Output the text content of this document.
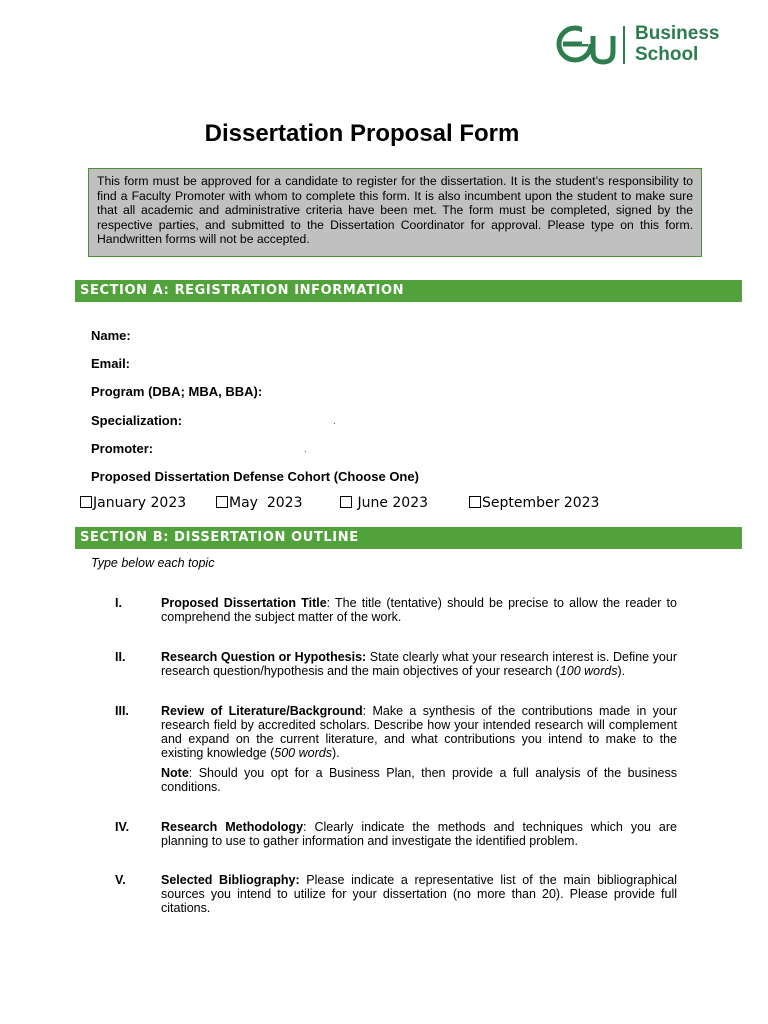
Business
School
Dissertation Proposal Form
This form must be approved for a candidate to register for the dissertation. It is the student’s responsibility to find a Faculty Promoter with whom to complete this form. It is also incumbent upon the student to make sure that all academic and administrative criteria have been met. The form must be completed, signed by the respective parties, and submitted to the Dissertation Coordinator for approval. Please type on this form. Handwritten forms will not be accepted.
SECTION A: REGISTRATION INFORMATION
Name:
Email:
Program (DBA; MBA, BBA):
Specialization:	.
Promoter:	.
Proposed Dissertation Defense Cohort (Choose One)
January 2023	May  2023	June 2023	September 2023
SECTION B: DISSERTATION OUTLINE
Type below each topic
I.	Proposed Dissertation Title: The title (tentative) should be precise to allow the reader to comprehend the subject matter of the work.
II.	Research Question or Hypothesis: State clearly what your research interest is. Define your research question/hypothesis and the main objectives of your research (100 words).
III.	Review of Literature/Background: Make a synthesis of the contributions made in your research field by accredited scholars. Describe how your intended research will complement and expand on the current literature, and what contributions you intend to make to the existing knowledge (500 words).
Note: Should you opt for a Business Plan, then provide a full analysis of the business conditions.
IV.	Research Methodology: Clearly indicate the methods and techniques which you are planning to use to gather information and investigate the identified problem.
V.	Selected Bibliography: Please indicate a representative list of the main bibliographical sources you intend to utilize for your dissertation (no more than 20). Please provide full citations.
